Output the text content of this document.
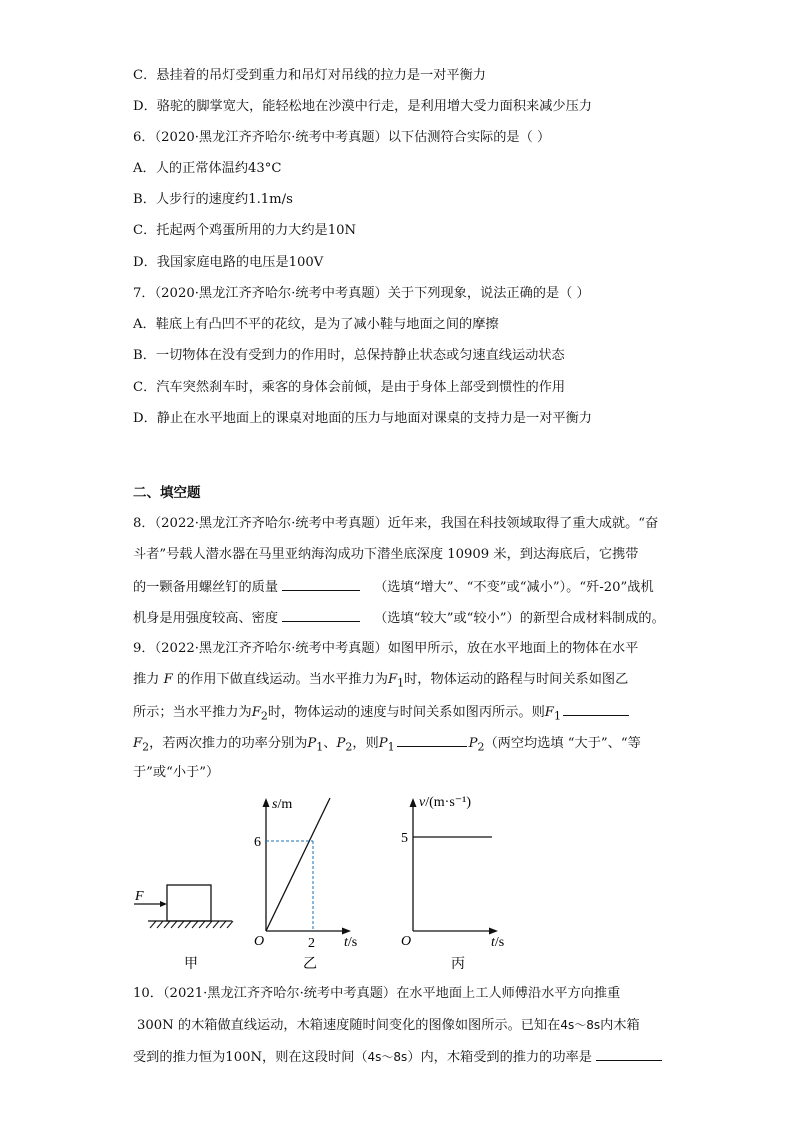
C．悬挂着的吊灯受到重力和吊灯对吊线的拉力是一对平衡力
D．骆驼的脚掌宽大，能轻松地在沙漠中行走，是利用增大受力面积来减少压力
6．（2020·黑龙江齐齐哈尔·统考中考真题）以下估测符合实际的是（ ）
A．人的正常体温约43°C
B．人步行的速度约1.1m/s
C．托起两个鸡蛋所用的力大约是10N
D．我国家庭电路的电压是100V
7．（2020·黑龙江齐齐哈尔·统考中考真题）关于下列现象，说法正确的是（ ）
A．鞋底上有凸凹不平的花纹，是为了减小鞋与地面之间的摩擦
B．一切物体在没有受到力的作用时，总保持静止状态或匀速直线运动状态
C．汽车突然刹车时，乘客的身体会前倾，是由于身体上部受到惯性的作用
D．静止在水平地面上的课桌对地面的压力与地面对课桌的支持力是一对平衡力
二、填空题
8．（2022·黑龙江齐齐哈尔·统考中考真题）近年来，我国在科技领域取得了重大成就。“奋
斗者”号载人潜水器在马里亚纳海沟成功下潜坐底深度 10909 米，到达海底后，它携带
的一颗备用螺丝钉的质量	（选填“增大”、“不变”或“减小”）。“歼-20”战机
机身是用强度较高、密度	（选填“较大”或“较小”）的新型合成材料制成的。
9．（2022·黑龙江齐齐哈尔·统考中考真题）如图甲所示，放在水平地面上的物体在水平
推力 F 的作用下做直线运动。当水平推力为$F_1$时，物体运动的路程与时间关系如图乙
所示；当水平推力为$F_2$时，物体运动的速度与时间关系如图丙所示。则$F_1$
$F_2$，若两次推力的功率分别为$P_1$、$P_2$，则$P_1$	$P_2$（两空均选填 “大于”、“等
于”或“小于”）
F
甲
s/m
6
O	2 t/s
乙
v/(m·s⁻¹)
5
O	t/s
丙
10．（2021·黑龙江齐齐哈尔·统考中考真题）在水平地面上工人师傅沿水平方向推重
300N 的木箱做直线运动，木箱速度随时间变化的图像如图所示。已知在4s～8s内木箱
受到的推力恒为100N，则在这段时间（4s～8s）内，木箱受到的推力的功率是
